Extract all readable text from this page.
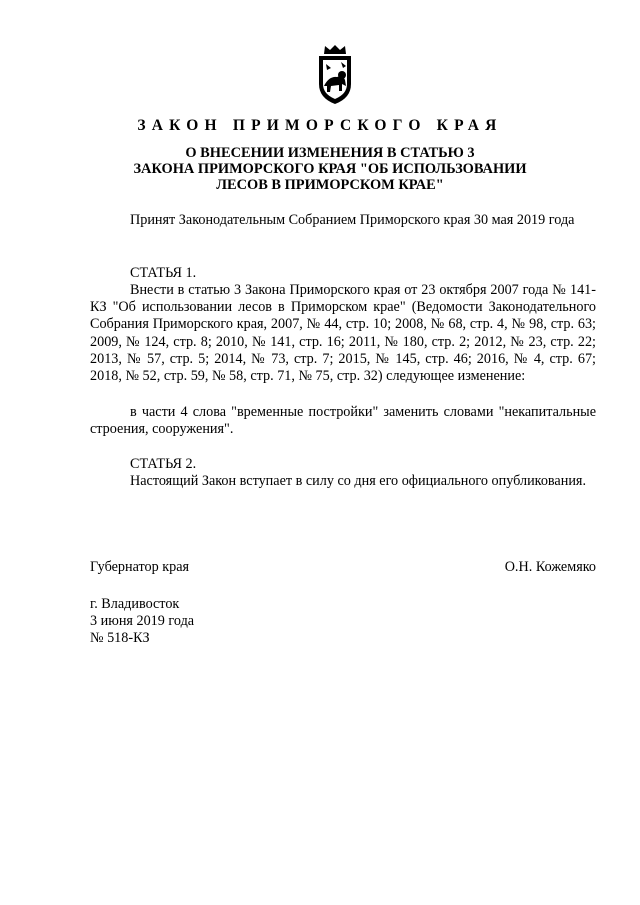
ЗАКОН ПРИМОРСКОГО КРАЯ
О ВНЕСЕНИИ ИЗМЕНЕНИЯ В СТАТЬЮ 3
ЗАКОНА ПРИМОРСКОГО КРАЯ "ОБ ИСПОЛЬЗОВАНИИ
ЛЕСОВ В ПРИМОРСКОМ КРАЕ"
Принят Законодательным Собранием Приморского края 30 мая 2019 года
СТАТЬЯ 1.
Внести в статью 3 Закона Приморского края от 23 октября 2007 года № 141-КЗ "Об использовании лесов в Приморском крае" (Ведомости Законодательного Собрания Приморского края, 2007, № 44, стр. 10; 2008, № 68, стр. 4, № 98, стр. 63; 2009, № 124, стр. 8; 2010, № 141, стр. 16; 2011, № 180, стр. 2; 2012, № 23, стр. 22; 2013, № 57, стр. 5; 2014, № 73, стр. 7; 2015, № 145, стр. 46; 2016, № 4, стр. 67; 2018, № 52, стр. 59, № 58, стр. 71, № 75, стр. 32) следующее изменение:
в части 4 слова "временные постройки" заменить словами "некапитальные строения, сооружения".
СТАТЬЯ 2.
Настоящий Закон вступает в силу со дня его официального опубликования.
Губернатор края	О.Н. Кожемяко
г. Владивосток
3 июня 2019 года
№ 518-КЗ
